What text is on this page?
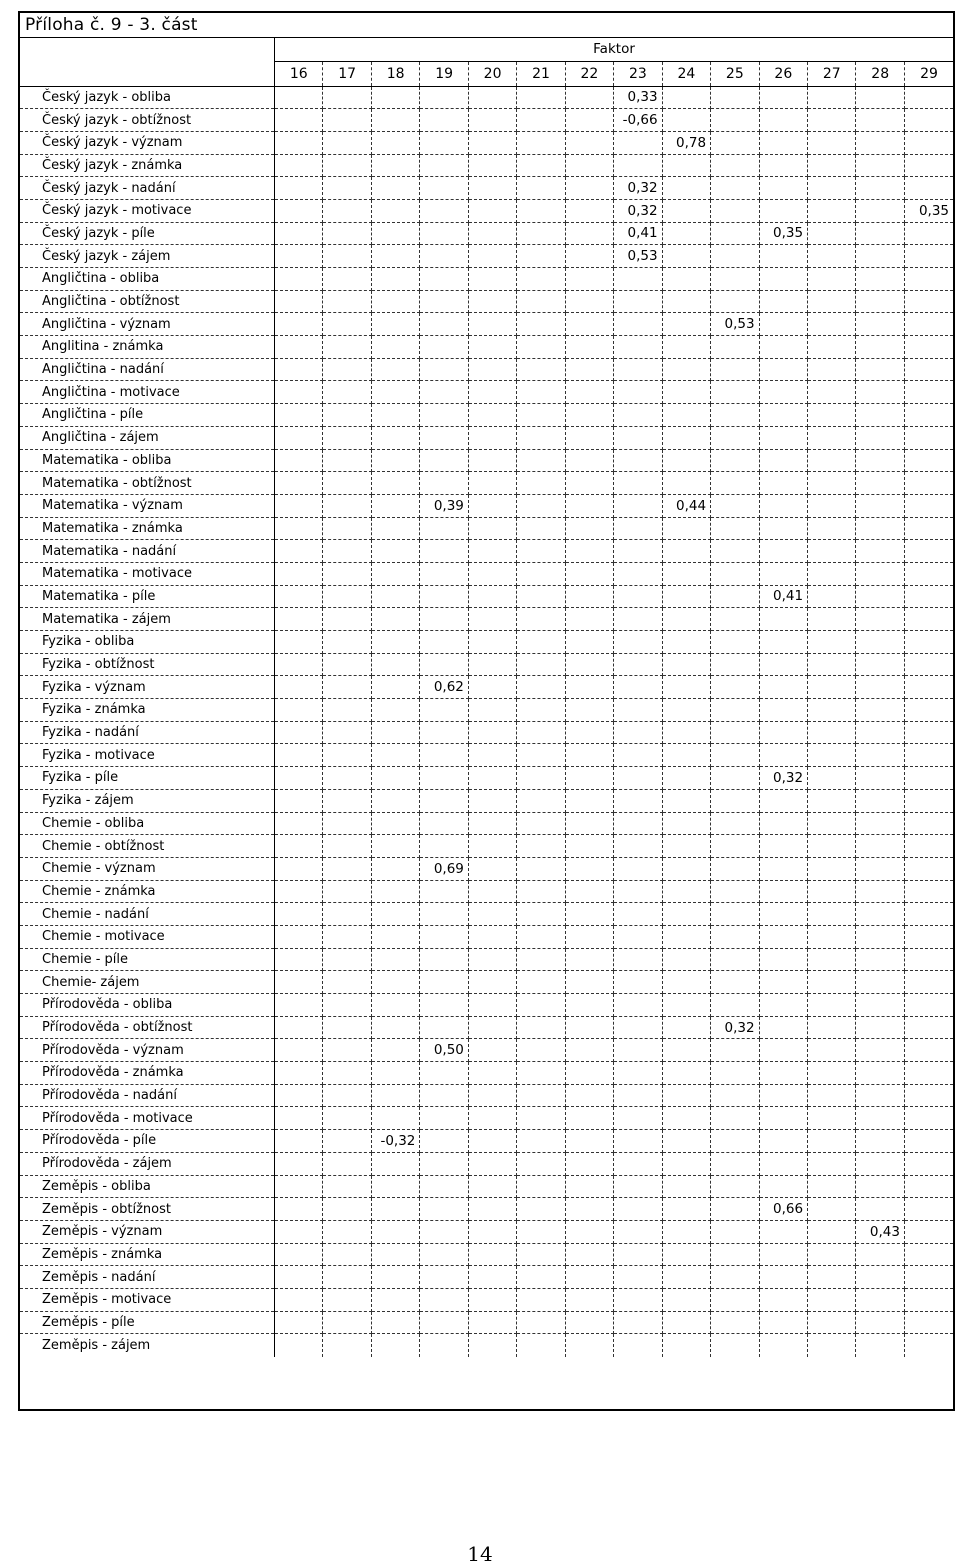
Příloha č. 9 - 3. část
	Faktor													
	16	17	18	19	20	21	22	23	24	25	26	27	28	29
Český jazyk - obliba								0,33						
Český jazyk - obtížnost								-0,66						
Český jazyk - význam									0,78					
Český jazyk - známka														
Český jazyk - nadání								0,32						
Český jazyk - motivace								0,32						0,35
Český jazyk - píle								0,41			0,35			
Český jazyk - zájem								0,53						
Angličtina - obliba														
Angličtina - obtížnost														
Angličtina - význam										0,53				
Anglitina - známka														
Angličtina - nadání														
Angličtina - motivace														
Angličtina - píle														
Angličtina - zájem														
Matematika - obliba														
Matematika - obtížnost														
Matematika - význam				0,39					0,44					
Matematika - známka														
Matematika - nadání														
Matematika - motivace														
Matematika - píle											0,41			
Matematika - zájem														
Fyzika - obliba														
Fyzika - obtížnost														
Fyzika - význam				0,62										
Fyzika - známka														
Fyzika - nadání														
Fyzika - motivace														
Fyzika - píle											0,32			
Fyzika - zájem														
Chemie - obliba														
Chemie - obtížnost														
Chemie - význam				0,69										
Chemie - známka														
Chemie - nadání														
Chemie - motivace														
Chemie - píle														
Chemie- zájem														
Přírodověda - obliba														
Přírodověda - obtížnost										0,32				
Přírodověda - význam				0,50										
Přírodověda - známka														
Přírodověda - nadání														
Přírodověda - motivace														
Přírodověda - píle			-0,32											
Přírodověda - zájem														
Zeměpis - obliba														
Zeměpis - obtížnost											0,66			
Zeměpis - význam													0,43	
Zeměpis - známka														
Zeměpis - nadání														
Zeměpis - motivace														
Zeměpis - píle														
Zeměpis - zájem														
14
